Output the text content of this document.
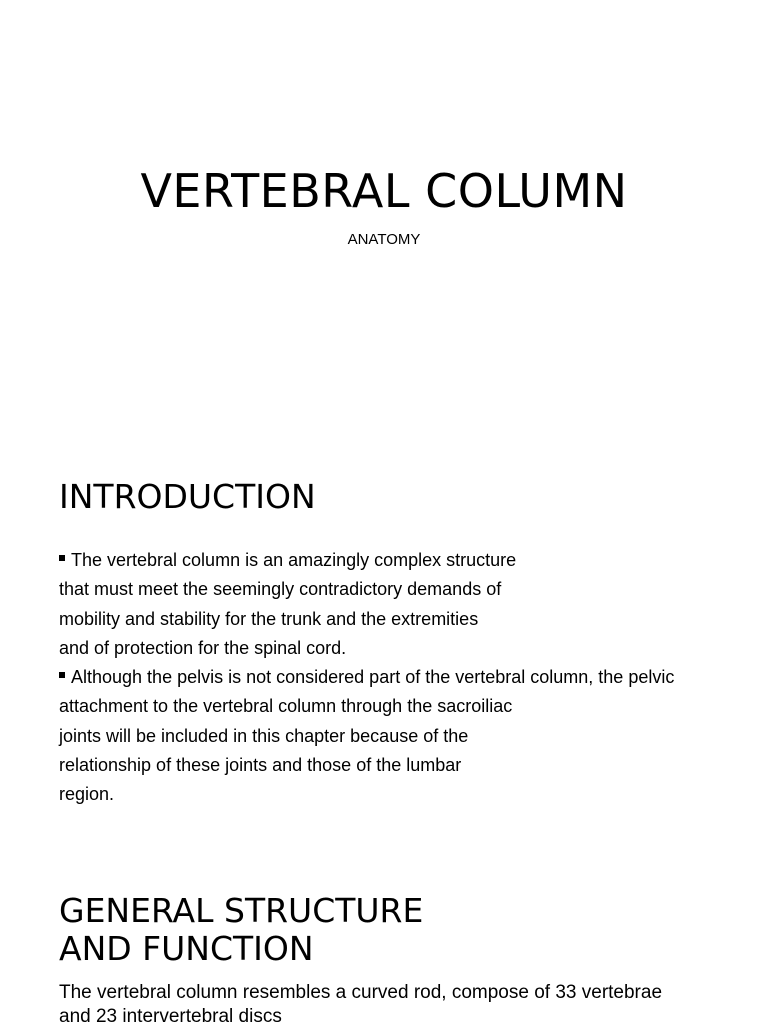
VERTEBRAL COLUMN

ANATOMY

INTRODUCTION
The vertebral column is an amazingly complex structure
that must meet the seemingly contradictory demands of
mobility and stability for the trunk and the extremities
and of protection for the spinal cord.
Although the pelvis is not considered part of the vertebral column, the pelvic
attachment to the vertebral column through the sacroiliac
joints will be included in this chapter because of the
relationship of these joints and those of the lumbar
region.
GENERAL STRUCTURE
AND FUNCTION
The vertebral column resembles a curved rod, compose of 33 vertebrae
and 23 intervertebral discs
